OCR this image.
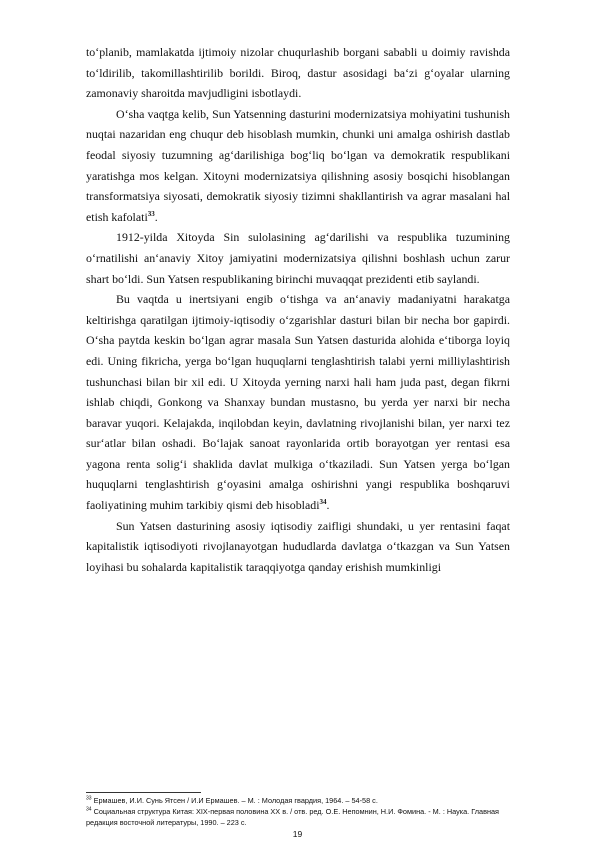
to‘planib, mamlakatda ijtimoiy nizolar chuqurlashib borgani sababli u doimiy ravishda to‘ldirilib, takomillashtirilib borildi. Biroq, dastur asosidagi ba‘zi g‘oyalar ularning zamonaviy sharoitda mavjudligini isbotlaydi.

O‘sha vaqtga kelib, Sun Yatsenning dasturini modernizatsiya mohiyatini tushunish nuqtai nazaridan eng chuqur deb hisoblash mumkin, chunki uni amalga oshirish dastlab feodal siyosiy tuzumning ag‘darilishiga bog‘liq bo‘lgan va demokratik respublikani yaratishga mos kelgan. Xitoyni modernizatsiya qilishning asosiy bosqichi hisoblangan transformatsiya siyosati, demokratik siyosiy tizimni shakllantirish va agrar masalani hal etish kafolati$^{33}$.

1912-yilda Xitoyda Sin sulolasining ag‘darilishi va respublika tuzumining o‘rnatilishi an‘anaviy Xitoy jamiyatini modernizatsiya qilishni boshlash uchun zarur shart bo‘ldi. Sun Yatsen respublikaning birinchi muvaqqat prezidenti etib saylandi.

Bu vaqtda u inertsiyani engib o‘tishga va an‘anaviy madaniyatni harakatga keltirishga qaratilgan ijtimoiy-iqtisodiy o‘zgarishlar dasturi bilan bir necha bor gapirdi. O‘sha paytda keskin bo‘lgan agrar masala Sun Yatsen dasturida alohida e‘tiborga loyiq edi. Uning fikricha, yerga bo‘lgan huquqlarni tenglashtirish talabi yerni milliylashtirish tushunchasi bilan bir xil edi. U Xitoyda yerning narxi hali ham juda past, degan fikrni ishlab chiqdi, Gonkong va Shanxay bundan mustasno, bu yerda yer narxi bir necha baravar yuqori. Kelajakda, inqilobdan keyin, davlatning rivojlanishi bilan, yer narxi tez sur‘atlar bilan oshadi. Bo‘lajak sanoat rayonlarida ortib borayotgan yer rentasi esa yagona renta solig‘i shaklida davlat mulkiga o‘tkaziladi. Sun Yatsen yerga bo‘lgan huquqlarni tenglashtirish g‘oyasini amalga oshirishni yangi respublika boshqaruvi faoliyatining muhim tarkibiy qismi deb hisobladi$^{34}$.

Sun Yatsen dasturining asosiy iqtisodiy zaifligi shundaki, u yer rentasini faqat kapitalistik iqtisodiyoti rivojlanayotgan hududlarda davlatga o‘tkazgan va Sun Yatsen loyihasi bu sohalarda kapitalistik taraqqiyotga qanday erishish mumkinligi

$^{33}$ Ермашев, И.И. Сунь Ятсен / И.И Ермашев. – М. : Молодая гвардия, 1964. – 54-58 с.

$^{34}$ Социальная структура Китая: XIX-первая половина XX в. / отв. ред. О.Е. Непомнин, Н.И. Фомина. - М. : Наука. Главная редакция восточной литературы, 1990. – 223 с.

19
